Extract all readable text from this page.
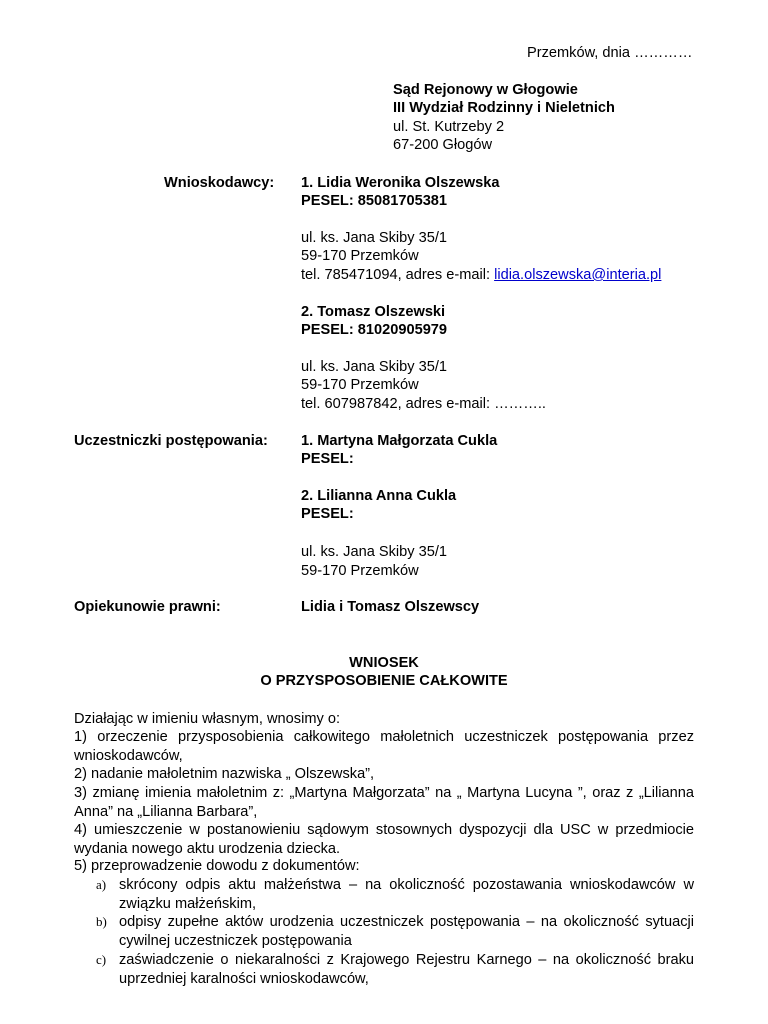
Przemków, dnia …………
Sąd Rejonowy w Głogowie
III Wydział Rodzinny i Nieletnich
ul. St. Kutrzeby 2
67-200 Głogów
Wnioskodawcy: 1. Lidia Weronika Olszewska
PESEL: 85081705381
ul. ks. Jana Skiby 35/1
59-170 Przemków
tel. 785471094, adres e-mail: lidia.olszewska@interia.pl
2. Tomasz Olszewski
PESEL: 81020905979
ul. ks. Jana Skiby 35/1
59-170 Przemków
tel. 607987842, adres e-mail: ………..
Uczestniczki postępowania: 1. Martyna Małgorzata Cukla
PESEL:
2. Lilianna Anna Cukla
PESEL:
ul. ks. Jana Skiby 35/1
59-170 Przemków
Opiekunowie prawni:	Lidia i Tomasz Olszewscy
WNIOSEK
O PRZYSPOSOBIENIE CAŁKOWITE
Działając w imieniu własnym, wnosimy o:
1) orzeczenie przysposobienia całkowitego małoletnich uczestniczek postępowania przez wnioskodawców,
2) nadanie małoletnim nazwiska „ Olszewska”,
3) zmianę imienia małoletnim z: „Martyna Małgorzata” na „ Martyna Lucyna ”, oraz z „Lilianna Anna” na „Lilianna Barbara”,
4) umieszczenie w postanowieniu sądowym stosownych dyspozycji dla USC w przedmiocie wydania nowego aktu urodzenia dziecka.
5) przeprowadzenie dowodu z dokumentów:
a) skrócony odpis aktu małżeństwa – na okoliczność pozostawania wnioskodawców w związku małżeńskim,
b) odpisy zupełne aktów urodzenia uczestniczek postępowania – na okoliczność sytuacji cywilnej uczestniczek postępowania
c) zaświadczenie o niekaralności z Krajowego Rejestru Karnego – na okoliczność braku uprzedniej karalności wnioskodawców,
